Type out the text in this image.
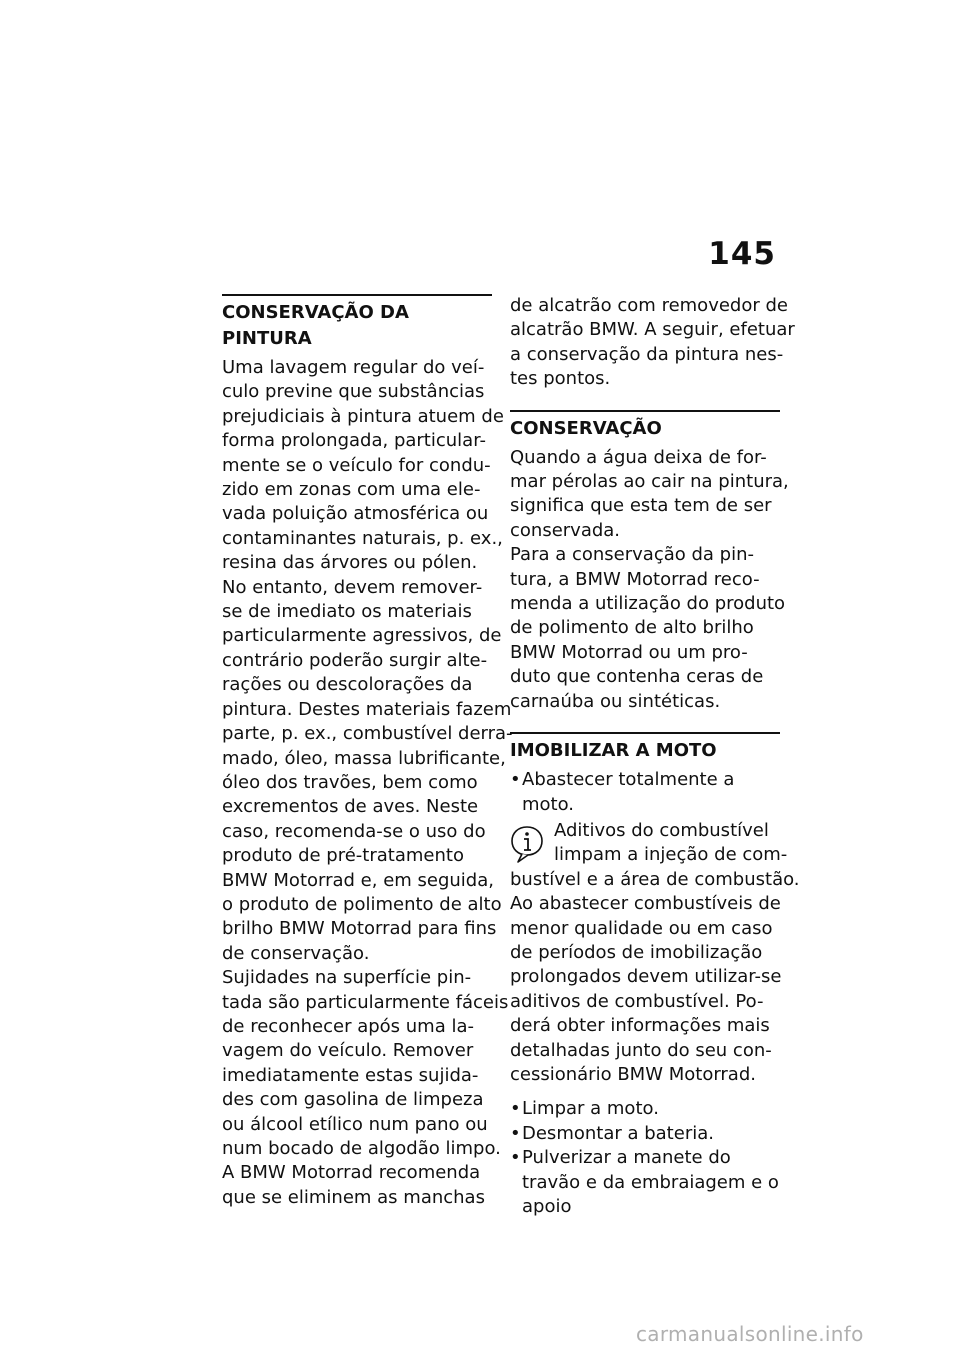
145
CONSERVAÇÃO DA PINTURA
Uma lavagem regular do veí-
culo previne que substâncias
prejudiciais à pintura atuem de
forma prolongada, particular-
mente se o veículo for condu-
zido em zonas com uma ele-
vada poluição atmosférica ou
contaminantes naturais, p. ex.,
resina das árvores ou pólen.
No entanto, devem remover-
se de imediato os materiais
particularmente agressivos, de
contrário poderão surgir alte-
rações ou descolorações da
pintura. Destes materiais fazem
parte, p. ex., combustível derra-
mado, óleo, massa lubrificante,
óleo dos travões, bem como
excrementos de aves. Neste
caso, recomenda-se o uso do
produto de pré-tratamento
BMW Motorrad e, em seguida,
o produto de polimento de alto
brilho BMW Motorrad para fins
de conservação.
Sujidades na superfície pin-
tada são particularmente fáceis
de reconhecer após uma la-
vagem do veículo. Remover
imediatamente estas sujida-
des com gasolina de limpeza
ou álcool etílico num pano ou
num bocado de algodão limpo.
A BMW Motorrad recomenda
que se eliminem as manchas
de alcatrão com removedor de
alcatrão BMW. A seguir, efetuar
a conservação da pintura nes-
tes pontos.
CONSERVAÇÃO
Quando a água deixa de for-
mar pérolas ao cair na pintura,
significa que esta tem de ser
conservada.
Para a conservação da pin-
tura, a BMW Motorrad reco-
menda a utilização do produto
de polimento de alto brilho
BMW Motorrad ou um pro-
duto que contenha ceras de
carnaúba ou sintéticas.
IMOBILIZAR A MOTO
• Abastecer totalmente a moto.
Aditivos do combustível
limpam a injeção de com-
bustível e a área de combustão.
Ao abastecer combustíveis de
menor qualidade ou em caso
de períodos de imobilização
prolongados devem utilizar-se
aditivos de combustível. Po-
derá obter informações mais
detalhadas junto do seu con-
cessionário BMW Motorrad.
• Limpar a moto.
• Desmontar a bateria.
• Pulverizar a manete do travão e da embraiagem e o apoio
carmanualsonline.info
